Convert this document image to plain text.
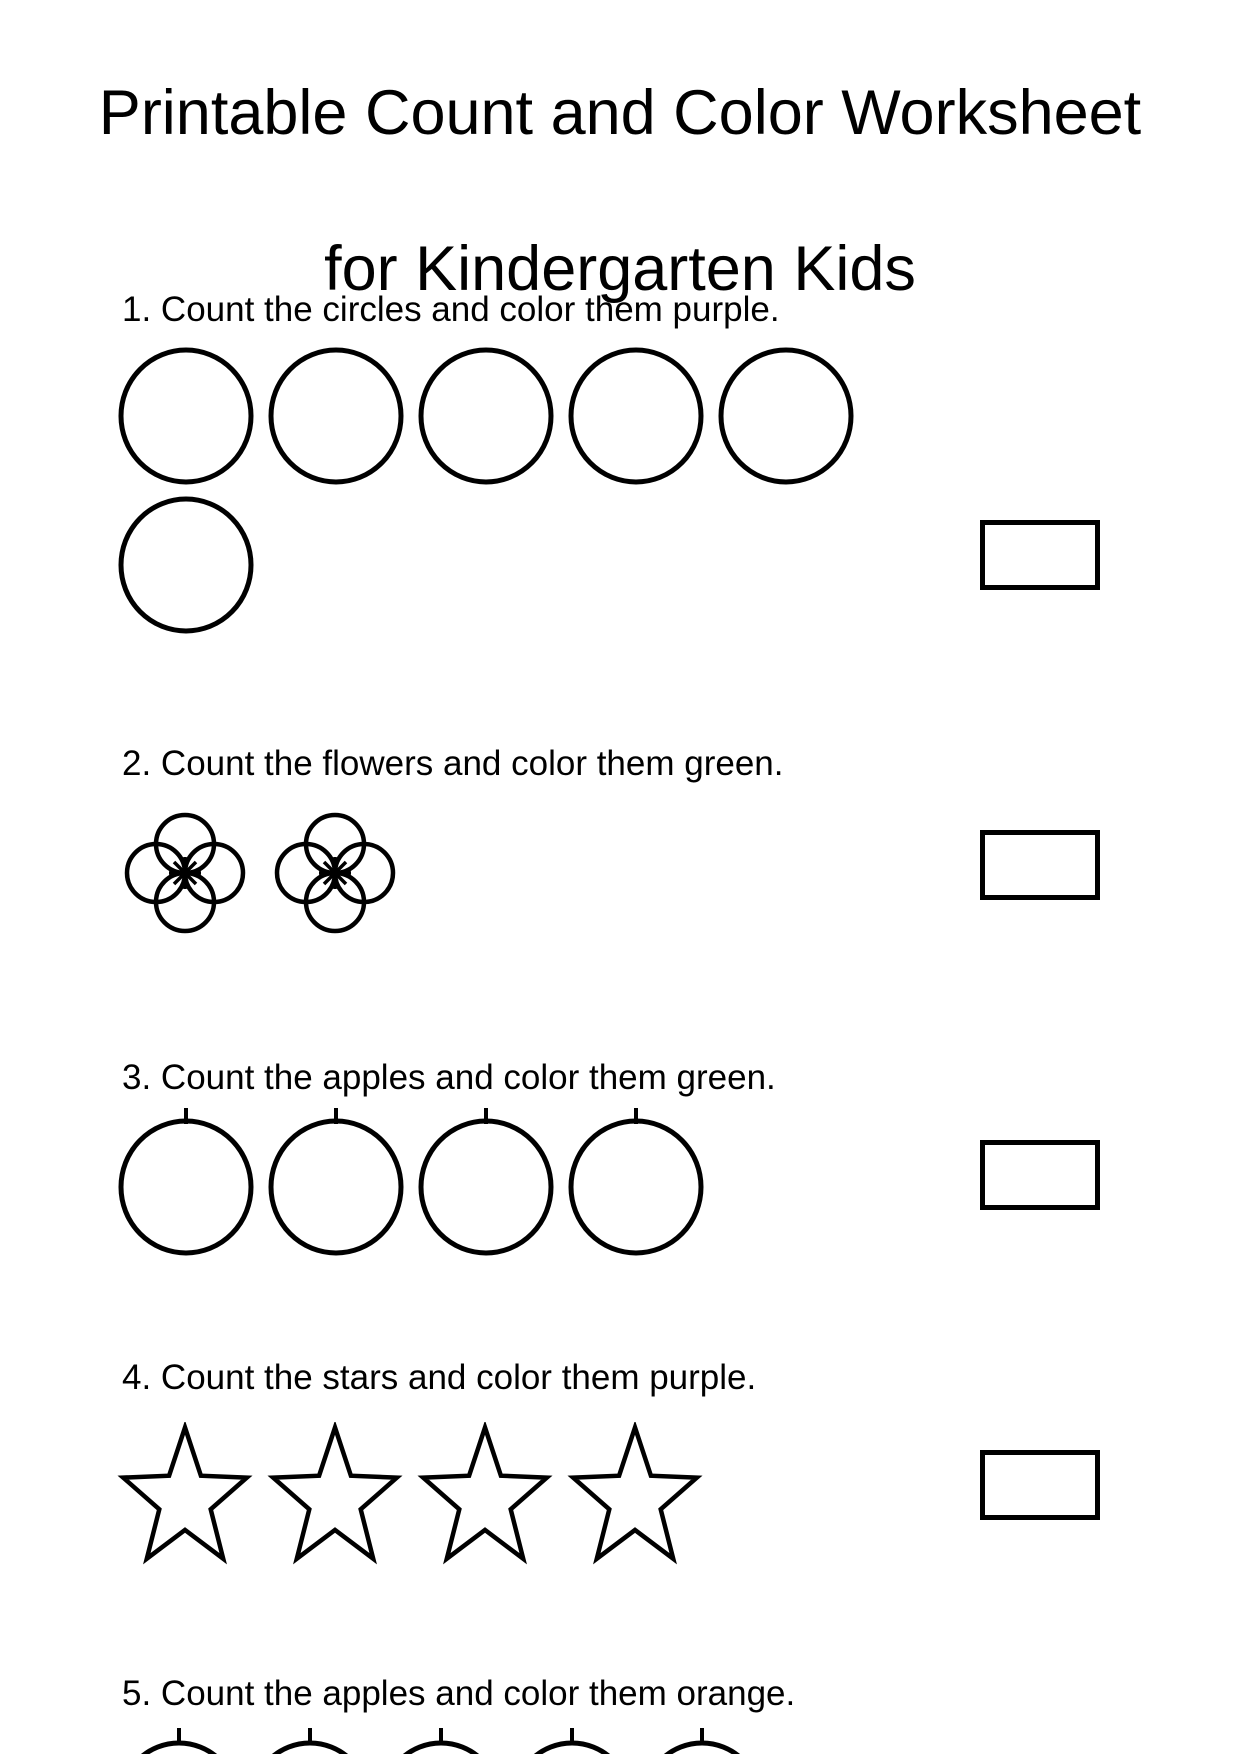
Printable Count and Color Worksheet

for Kindergarten Kids
1. Count the circles and color them purple.
2. Count the flowers and color them green.
3. Count the apples and color them green.
4. Count the stars and color them purple.
5. Count the apples and color them orange.
